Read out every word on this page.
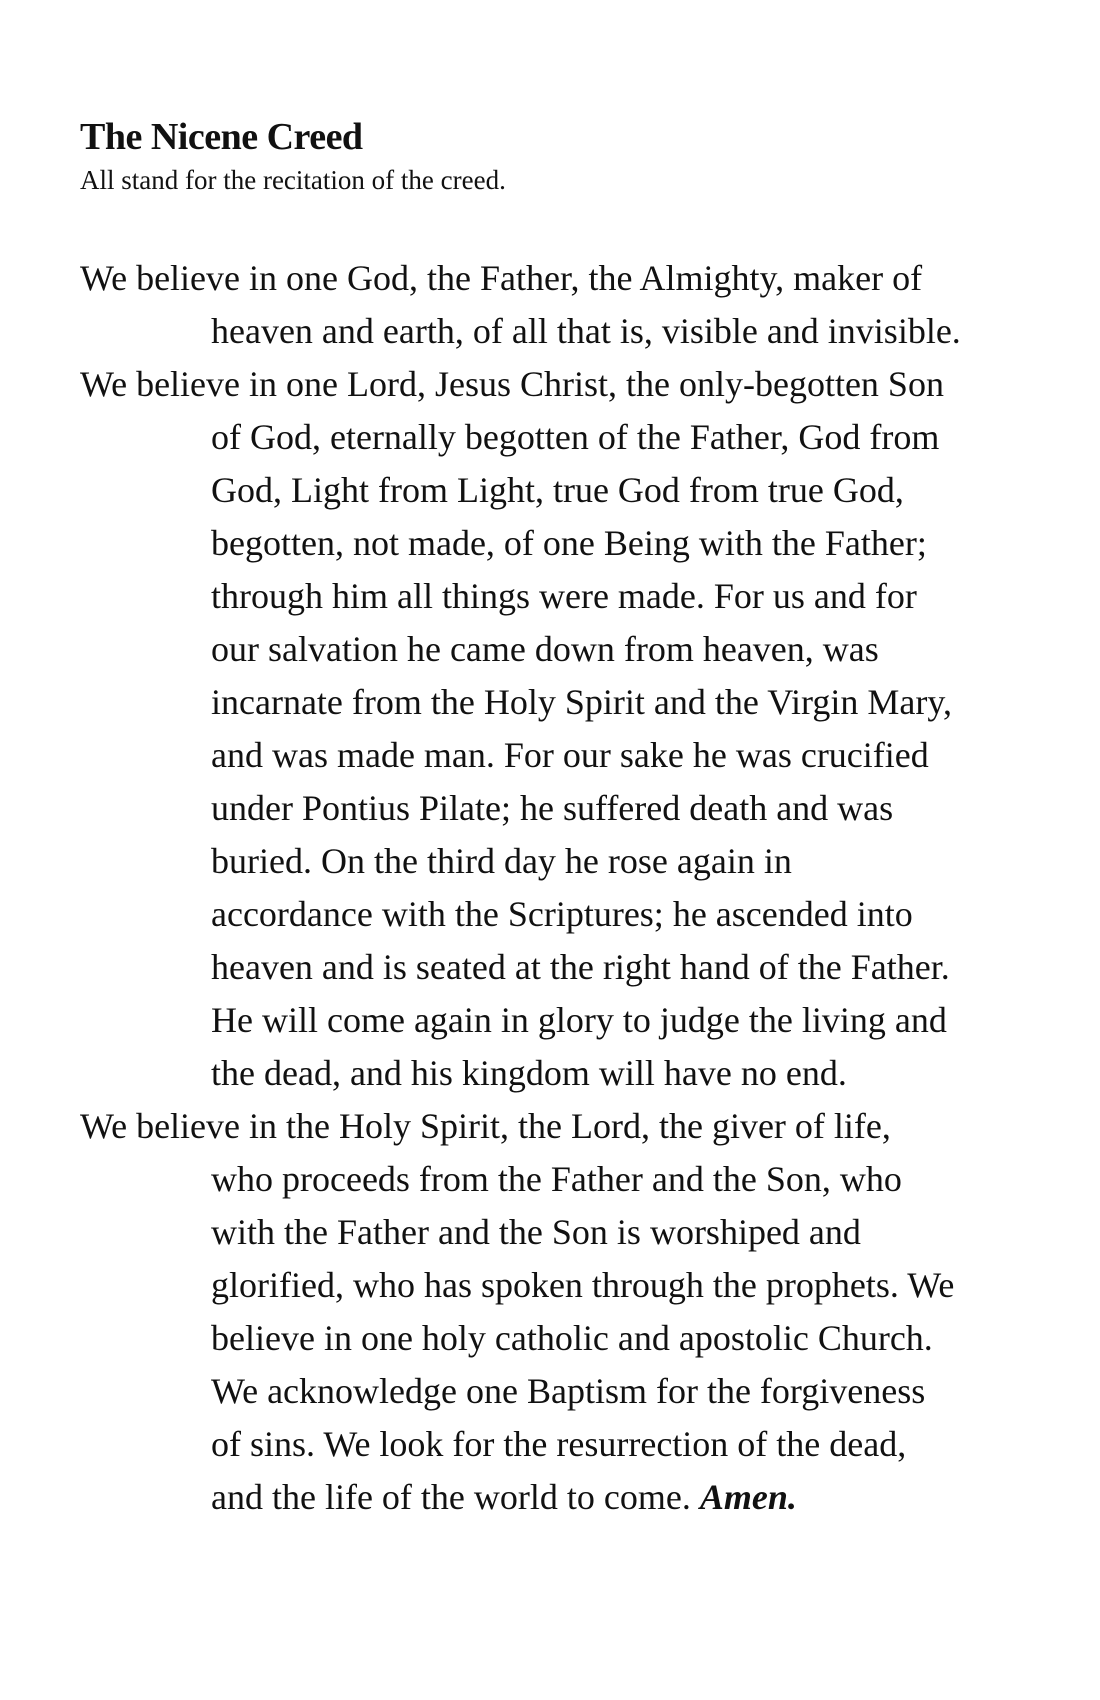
The Nicene Creed

All stand for the recitation of the creed.

We believe in one God, the Father, the Almighty, maker of
heaven and earth, of all that is, visible and invisible.
We believe in one Lord, Jesus Christ, the only-begotten Son
of God, eternally begotten of the Father, God from
God, Light from Light, true God from true God,
begotten, not made, of one Being with the Father;
through him all things were made. For us and for
our salvation he came down from heaven, was
incarnate from the Holy Spirit and the Virgin Mary,
and was made man. For our sake he was crucified
under Pontius Pilate; he suffered death and was
buried. On the third day he rose again in
accordance with the Scriptures; he ascended into
heaven and is seated at the right hand of the Father.
He will come again in glory to judge the living and
the dead, and his kingdom will have no end.
We believe in the Holy Spirit, the Lord, the giver of life,
who proceeds from the Father and the Son, who
with the Father and the Son is worshiped and
glorified, who has spoken through the prophets. We
believe in one holy catholic and apostolic Church.
We acknowledge one Baptism for the forgiveness
of sins. We look for the resurrection of the dead,
and the life of the world to come. Amen.
